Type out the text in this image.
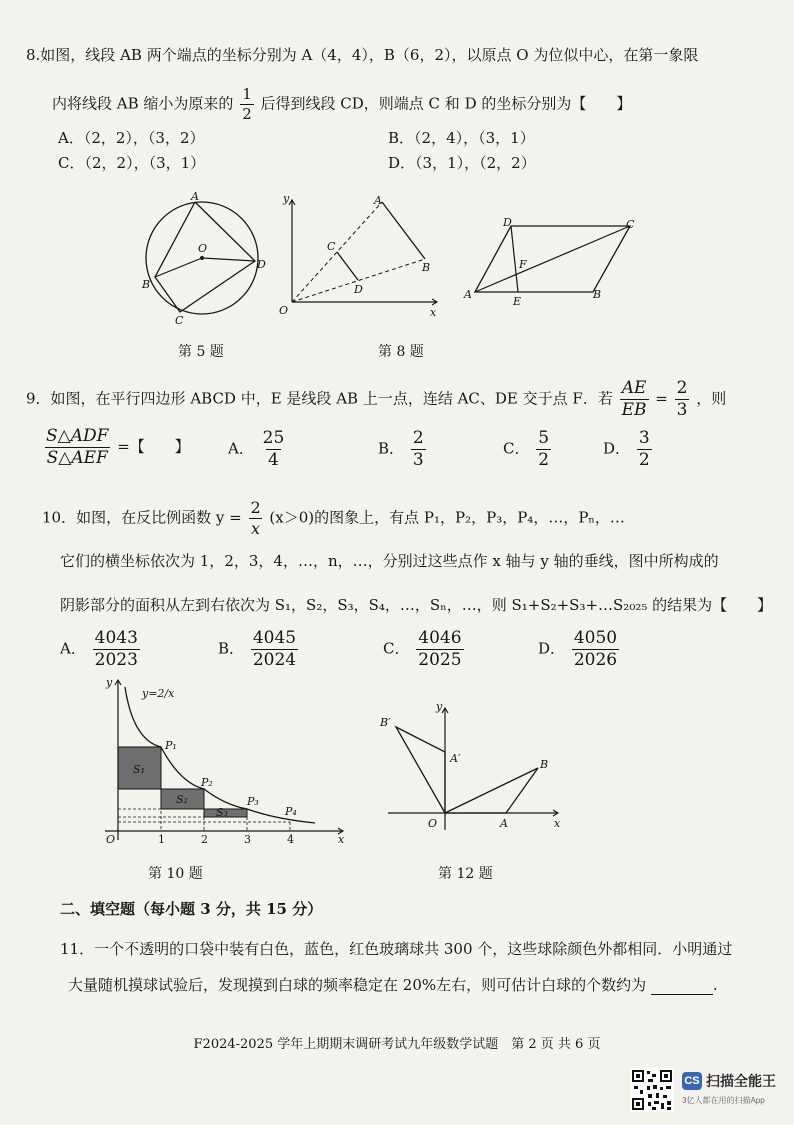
8.如图，线段 AB 两个端点的坐标分别为 A（4，4），B（6，2），以原点 O 为位似中心，在第一象限
内将线段 AB 缩小为原来的 $\frac{1}{2}$ 后得到线段 CD，则端点 C 和 D 的坐标分别为【　　】
A．（2，2），（3，2）	B．（2，4），（3，1）
C．（2，2），（3，1）	D．（3，1），（2，2）
A
B
C
D
O
y
x
O
A
B
C
D
D	C
A	B
E
F
第 5 题	第 8 题
9．如图，在平行四边形 ABCD 中，E 是线段 AB 上一点，连结 AC、DE 交于点 F．若 $\frac{AE}{EB} = \frac{2}{3}$ ，则
$\frac{\text{S△ADF}}{\text{S△AEF}}$ =【　　】	A． $\frac{25}{4}$	B． $\frac{2}{3}$	C． $\frac{5}{2}$	D． $\frac{3}{2}$
10．如图，在反比例函数 $y = \frac{2}{x} (x>0)$的图象上，有点 P₁，P₂，P₃，P₄，…，Pₙ，…
它们的横坐标依次为 1，2，3，4，…，n，…，分别过这些点作 x 轴与 y 轴的垂线，图中所构成的
阴影部分的面积从左到右依次为 S₁，S₂，S₃，S₄，…，Sₙ，…，则 S₁+S₂+S₃+…S₂₀₂₅ 的结果为【　　】
A． $\frac{4043}{2023}$	B． $\frac{4045}{2024}$	C． $\frac{4046}{2025}$	D． $\frac{4050}{2026}$
y
x
O
y=2/x
P₁
P₂
P₃
P₄
S₁
S₂
S₃
1	2	3	4
y
x
O	A
B
A′
B′
第 10 题	第 12 题
二、填空题（每小题 3 分，共 15 分）
11．一个不透明的口袋中装有白色，蓝色，红色玻璃球共 300 个，这些球除颜色外都相同．小明通过
大量随机摸球试验后，发现摸到白球的频率稳定在 20%左右，则可估计白球的个数约为	.
F2024-2025 学年上期期末调研考试九年级数学试题　第 2 页 共 6 页
CS 扫描全能王
3亿人都在用的扫描App
